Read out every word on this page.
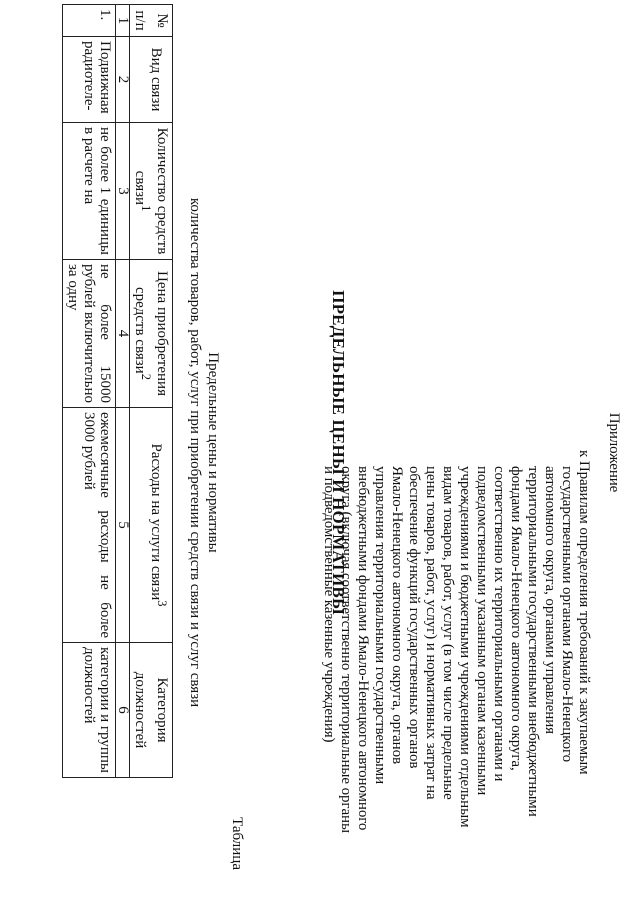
Приложение
к Правилам определения требований к закупаемым
государственными органами Ямало-Ненецкого
автономного округа, органами управления
территориальными государственными внебюджетными
фондами Ямало-Ненецкого автономного округа,
соответственно их территориальными органами и
подведомственными указанным органам казенными
учреждениями и бюджетными учреждениями отдельным
видам товаров, работ, услуг (в том числе предельные
цены товаров, работ, услуг) и нормативных затрат на
обеспечение функций государственных органов
Ямало-Ненецкого автономного округа, органов
управления территориальными государственными
внебюджетными фондами Ямало-Ненецкого автономного
округа (включая соответственно территориальные органы
и подведомственные казенные учреждения)
ПРЕДЕЛЬНЫЕ ЦЕНЫ И НОРМАТИВЫ
Таблица
Предельные цены и нормативы
количества товаров, работ, услуг при приобретении средств связи и услуг связи
№ п/п	Вид связи	Количество средств связи$^1$	Цена приобретения средств связи$^2$	Расходы на услуги связи$^3$	Категория должностей
1	2	3	4	5	6
1.	Подвижная радиотеле-	не более 1 единицы в расчете на	не более 15000 рублей включительно за одну	ежемесячные расходы не более 3000 рублей	категории и группы должностей
